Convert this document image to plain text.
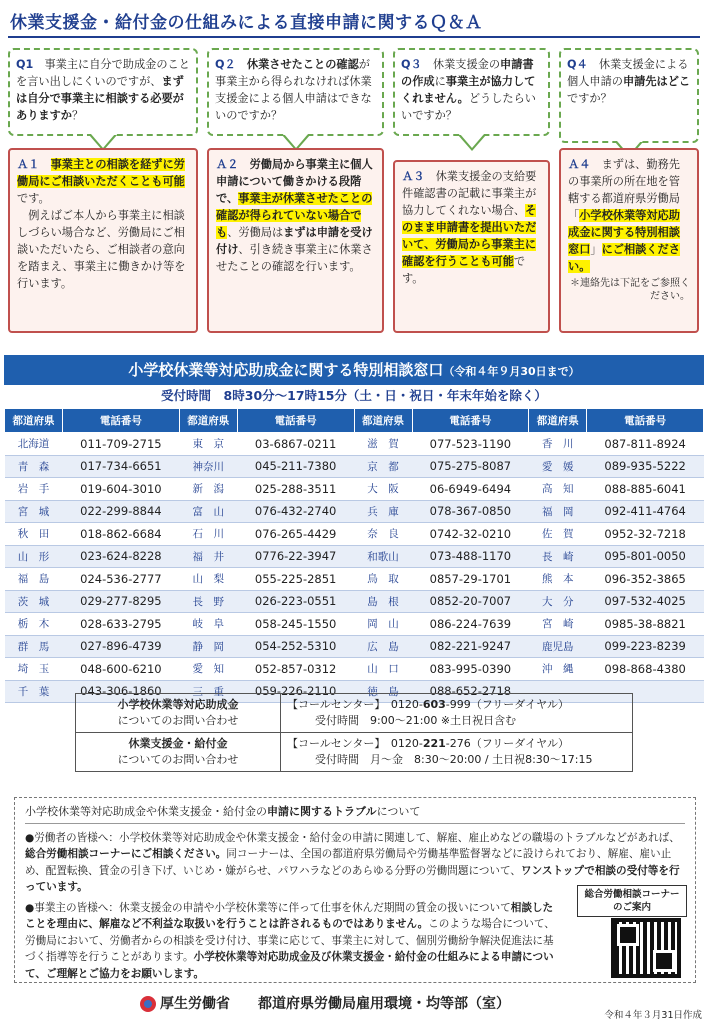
休業支援金・給付金の仕組みによる直接申請に関するＱ＆Ａ
Q1　事業主に自分で助成金のことを言い出しにくいのですが、まずは自分で事業主に相談する必要がありますか？
Ａ１　事業主との相談を経ずに労働局にご相談いただくことも可能です。
　例えばご本人から事業主に相談しづらい場合など、労働局にご相談いただいたら、ご相談者の意向を踏まえ、事業主に働きかけ等を行います。
Q２　休業させたことの確認が事業主から得られなければ休業支援金による個人申請はできないのですか？
Ａ２　労働局から事業主に個人申請について働きかける段階で、事業主が休業させたことの確認が得られていない場合でも、労働局はまずは申請を受け付け、引き続き事業主に休業させたことの確認を行います。
Q３　休業支援金の申請書の作成に事業主が協力してくれません。どうしたらいいですか？
Ａ３　休業支援金の支給要件確認書の記載に事業主が協力してくれない場合、そのまま申請書を提出いただいて、労働局から事業主に確認を行うことも可能です。
Q４　休業支援金による個人申請の申請先はどこですか？
Ａ４　まずは、勤務先の事業所の所在地を管轄する都道府県労働局「小学校休業等対応助成金に関する特別相談窓口」にご相談ください。
＊連絡先は下記をご参照ください。
小学校休業等対応助成金に関する特別相談窓口（令和４年９月30日まで）
受付時間　8時30分～17時15分（土・日・祝日・年末年始を除く）
都道府県	電話番号	都道府県	電話番号	都道府県	電話番号	都道府県	電話番号
北海道	011-709-2715	東　京	03-6867-0211	滋　賀	077-523-1190	香　川	087-811-8924
青　森	017-734-6651	神奈川	045-211-7380	京　都	075-275-8087	愛　媛	089-935-5222
岩　手	019-604-3010	新　潟	025-288-3511	大　阪	06-6949-6494	高　知	088-885-6041
宮　城	022-299-8844	富　山	076-432-2740	兵　庫	078-367-0850	福　岡	092-411-4764
秋　田	018-862-6684	石　川	076-265-4429	奈　良	0742-32-0210	佐　賀	0952-32-7218
山　形	023-624-8228	福　井	0776-22-3947	和歌山	073-488-1170	長　崎	095-801-0050
福　島	024-536-2777	山　梨	055-225-2851	鳥　取	0857-29-1701	熊　本	096-352-3865
茨　城	029-277-8295	長　野	026-223-0551	島　根	0852-20-7007	大　分	097-532-4025
栃　木	028-633-2795	岐　阜	058-245-1550	岡　山	086-224-7639	宮　崎	0985-38-8821
群　馬	027-896-4739	静　岡	054-252-5310	広　島	082-221-9247	鹿児島	099-223-8239
埼　玉	048-600-6210	愛　知	052-857-0312	山　口	083-995-0390	沖　縄	098-868-4380
千　葉	043-306-1860	三　重	059-226-2110	徳　島	088-652-2718		
小学校休業等対応助成金
についてのお問い合わせ	【コールセンター】　0120-603-999（フリーダイヤル）
受付時間　9:00～21:00 ※土日祝日含む
休業支援金・給付金
についてのお問い合わせ	【コールセンター】　0120-221-276（フリーダイヤル）
受付時間　月～金　8:30～20:00 / 土日祝8:30～17:15
小学校休業等対応助成金や休業支援金・給付金の申請に関するトラブルについて

●労働者の皆様へ：小学校休業等対応助成金や休業支援金・給付金の申請に関連して、解雇、雇止めなどの職場のトラブルなどがあれば、総合労働相談コーナーにご相談ください。同コーナーは、全国の都道府県労働局や労働基準監督署などに設けられており、解雇、雇い止め、配置転換、賃金の引き下げ、いじめ・嫌がらせ、パワハラなどのあらゆる分野の労働問題について、ワンストップで相談の受付等を行っています。

●事業主の皆様へ：休業支援金の申請や小学校休業等に伴って仕事を休んだ期間の賃金の扱いについて相談したことを理由に、解雇など不利益な取扱いを行うことは許されるものではありません。このような場合について、労働局において、労働者からの相談を受け付け、事業に応じて、事業主に対して、個別労働紛争解決促進法に基づく指導等を行うことがあります。小学校休業等対応助成金及び休業支援金・給付金の仕組みによる申請について、ご理解とご協力をお願いします。

総合労働相談コーナーのご案内
厚生労働省　　 都道府県労働局雇用環境・均等部（室）
令和４年３月31日作成
